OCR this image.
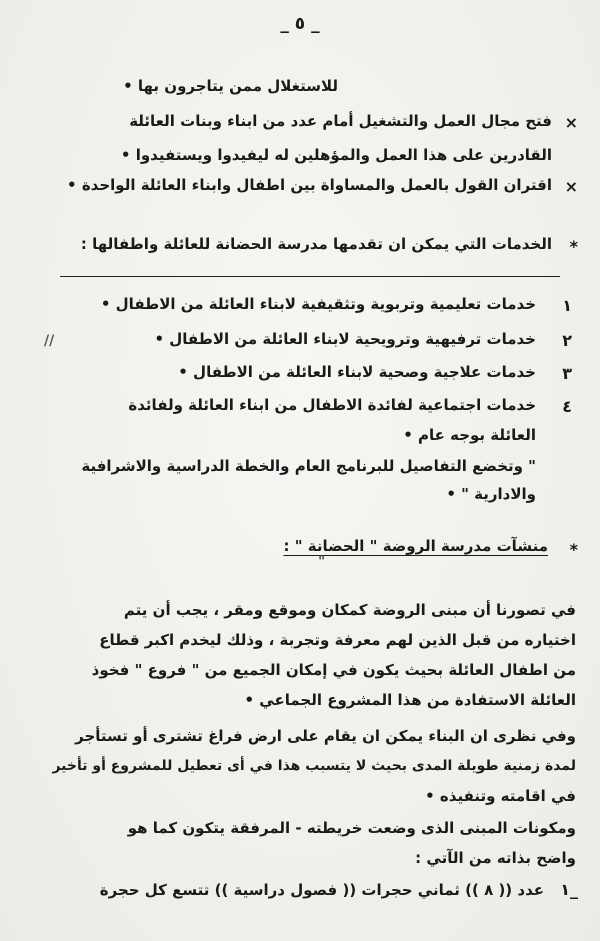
_ ٥ _
للاستغلال ممن يتاجرون بها •
×
فتح مجال العمل والتشغيل أمام عدد من ابناء وبنات العائلة
القادرين على هذا العمل والمؤهلين له ليفيدوا ويستفيدوا •
×
اقتران القول بالعمل والمساواة بين اطفال وابناء العائلة الواحدة •
*
الخدمات التي يمكن ان تقدمها مدرسة الحضانة للعائلة واطفالها :
١
خدمات تعليمية وتربوية وتثقيفية لابناء العائلة من الاطفال •
//	٢
خدمات ترفيهية وترويحية لابناء العائلة من الاطفال •
٣
خدمات علاجية وصحية لابناء العائلة من الاطفال •
٤
خدمات اجتماعية لفائدة الاطفال من ابناء العائلة ولفائدة
العائلة بوجه عام •
" وتخضع التفاصيل للبرنامج العام والخطة الدراسية والاشرافية
والادارية " •
*
منشآت مدرسة الروضة " الحضانة " :
"
في تصورنا أن مبنى الروضة كمكان وموقع ومقر ، يجب أن يتم
اختياره من قبل الذين لهم معرفة وتجربة ، وذلك ليخدم اكبر قطاع
من اطفال العائلة بحيث يكون في إمكان الجميع من " فروع " فخوذ
العائلة الاستفادة من هذا المشروع الجماعي •
وفي نظرى ان البناء يمكن ان يقام على ارض فراغ تشترى أو تستأجر
لمدة زمنية طويلة المدى بحيث لا يتسبب هذا في أى تعطيل للمشروع أو تأخير
في اقامته وتنفيذه •
ومكونات المبنى الذى وضعت خريطته - المرفقة يتكون كما هو
واضح بذاته من الآتي :
١_
عدد (( ٨ )) ثماني حجرات (( فصول دراسية )) تتسع كل حجرة
